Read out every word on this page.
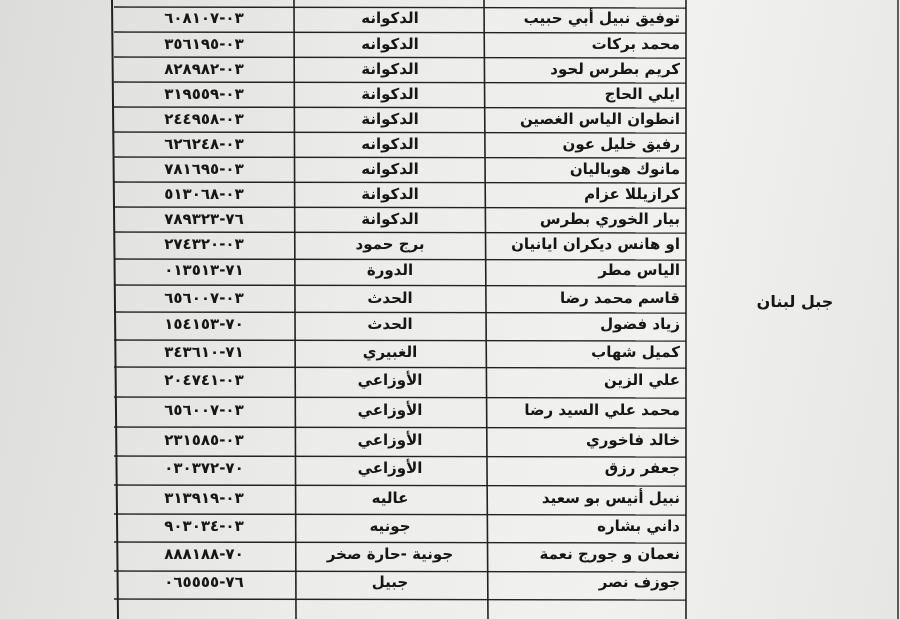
توفيق نبيل أبي حبيب
الدكوانه
٠٣-٦٠٨١٠٧
محمد بركات
الدكوانه
٠٣-٣٥٦١٩٥
كريم بطرس لحود
الدكوانة
٠٣-٨٢٨٩٨٢
ايلي الحاج
الدكوانة
٠٣-٣١٩٥٥٩
انطوان الياس الغصين
الدكوانة
٠٣-٢٤٤٩٥٨
رفيق خليل عون
الدكوانه
٠٣-٦٢٦٢٤٨
مانوك هوباليان
الدكوانه
٠٣-٧٨١٦٩٥
كرازيللا عزام
الدكوانة
٠٣-٥١٣٠٦٨
بيار الخوري بطرس
الدكوانة
٧٦-٧٨٩٣٢٣
او هانس ديكران ايانيان
برج حمود
٠٣-٢٧٤٣٢٠
الياس مطر
الدورة
٧١-٠١٣٥١٣
قاسم محمد رضا
الحدث
٠٣-٦٥٦٠٠٧
زياد فضول
الحدث
٧٠-١٥٤١٥٣
كميل شهاب
الغبيري
٧١-٣٤٣٦١٠
علي الزين
الأوزاعي
٠٣-٢٠٤٧٤١
محمد علي السيد رضا
الأوزاعي
٠٣-٦٥٦٠٠٧
خالد فاخوري
الأوزاعي
٠٣-٢٣١٥٨٥
جعفر رزق
الأوزاعي
٧٠-٠٣٠٣٧٢
نبيل أنيس بو سعيد
عاليه
٠٣-٣١٣٩١٩
داني بشاره
جونيه
٠٣-٩٠٣٠٣٤
نعمان و جورج نعمة
جونية -حارة صخر
٧٠-٨٨٨١٨٨
جوزف نصر
جبيل
٧٦-٠٦٥٥٥٥
جبل لبنان
